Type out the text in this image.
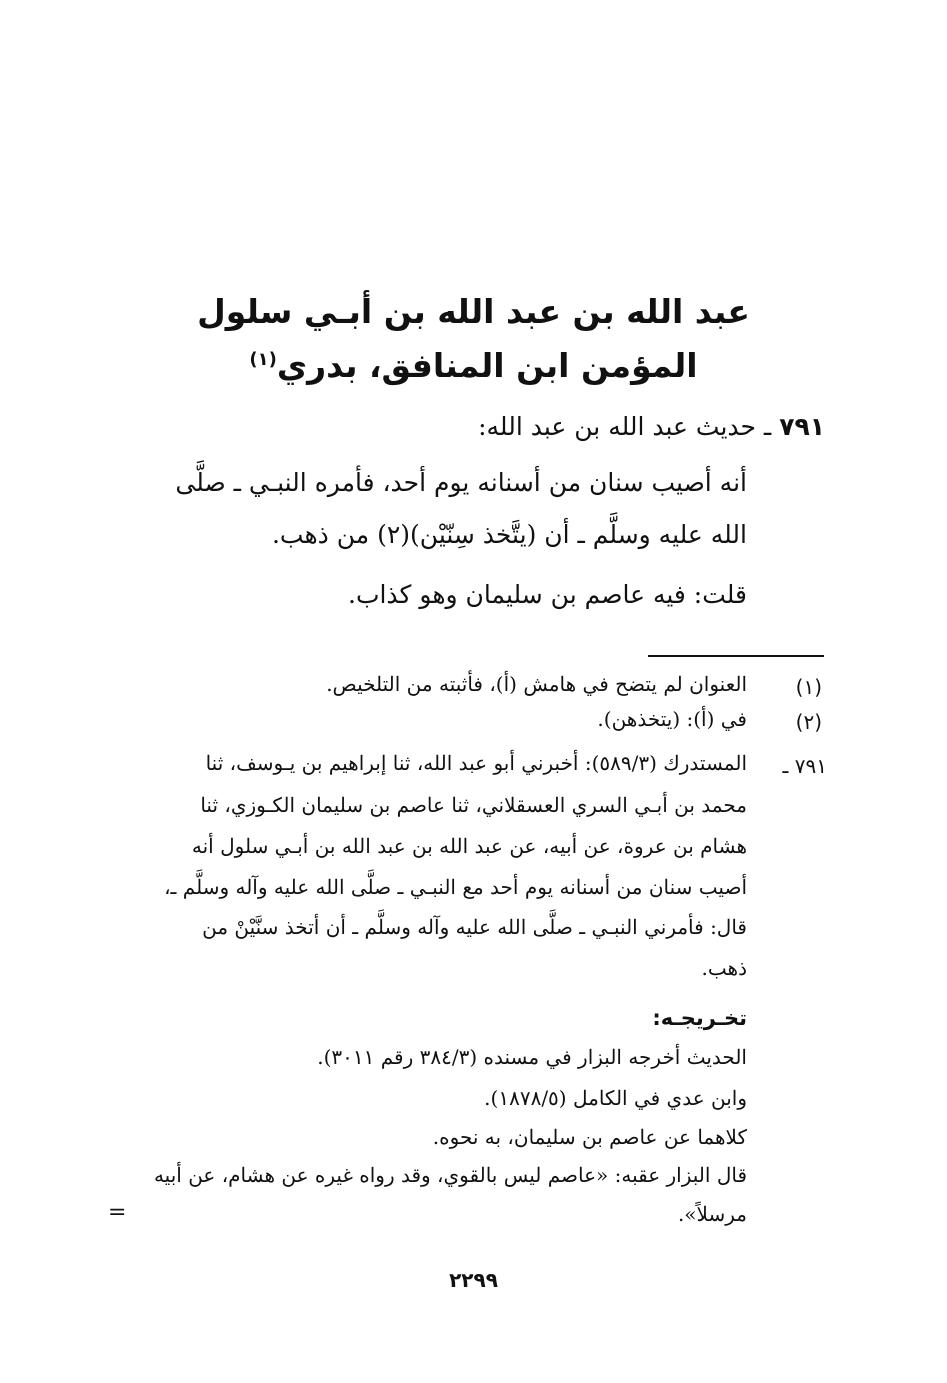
عبد الله بن عبد الله بن أبـي سلول
المؤمن ابن المنافق، بدري$^{(١)}$
٧٩١ ـ حديث عبد الله بن عبد الله:
أنه أصيب سنان من أسنانه يوم أحد، فأمره النبـي ـ صلَّى
الله عليه وسلَّم ـ أن (يتَّخذ سِنّيْن)(٢) من ذهب.
قلت: فيه عاصم بن سليمان وهو كذاب.
(١)
العنوان لم يتضح في هامش (أ)، فأثبته من التلخيص.
(٢)
في (أ): (يتخذهن).
٧٩١ ـ
المستدرك (٥٨٩/٣): أخبرني أبو عبد الله، ثنا إبراهيم بن يـوسف، ثنا
محمد بن أبـي السري العسقلاني، ثنا عاصم بن سليمان الكـوزي، ثنا
هشام بن عروة، عن أبيه، عن عبد الله بن عبد الله بن أبـي سلول أنه
أصيب سنان من أسنانه يوم أحد مع النبـي ـ صلَّى الله عليه وآله وسلَّم ـ،
قال: فأمرني النبـي ـ صلَّى الله عليه وآله وسلَّم ـ أن أتخذ سنَّيْنْ من
ذهب.
تخـريجـه:
الحديث أخرجه البزار في مسنده (٣٨٤/٣ رقم ٣٠١١).
وابن عدي في الكامل (١٨٧٨/٥).
كلاهما عن عاصم بن سليمان، به نحوه.
قال البزار عقبه: «عاصم ليس بالقوي، وقد رواه غيره عن هشام، عن أبيه
مرسلاً».
=
٢٢٩٩
